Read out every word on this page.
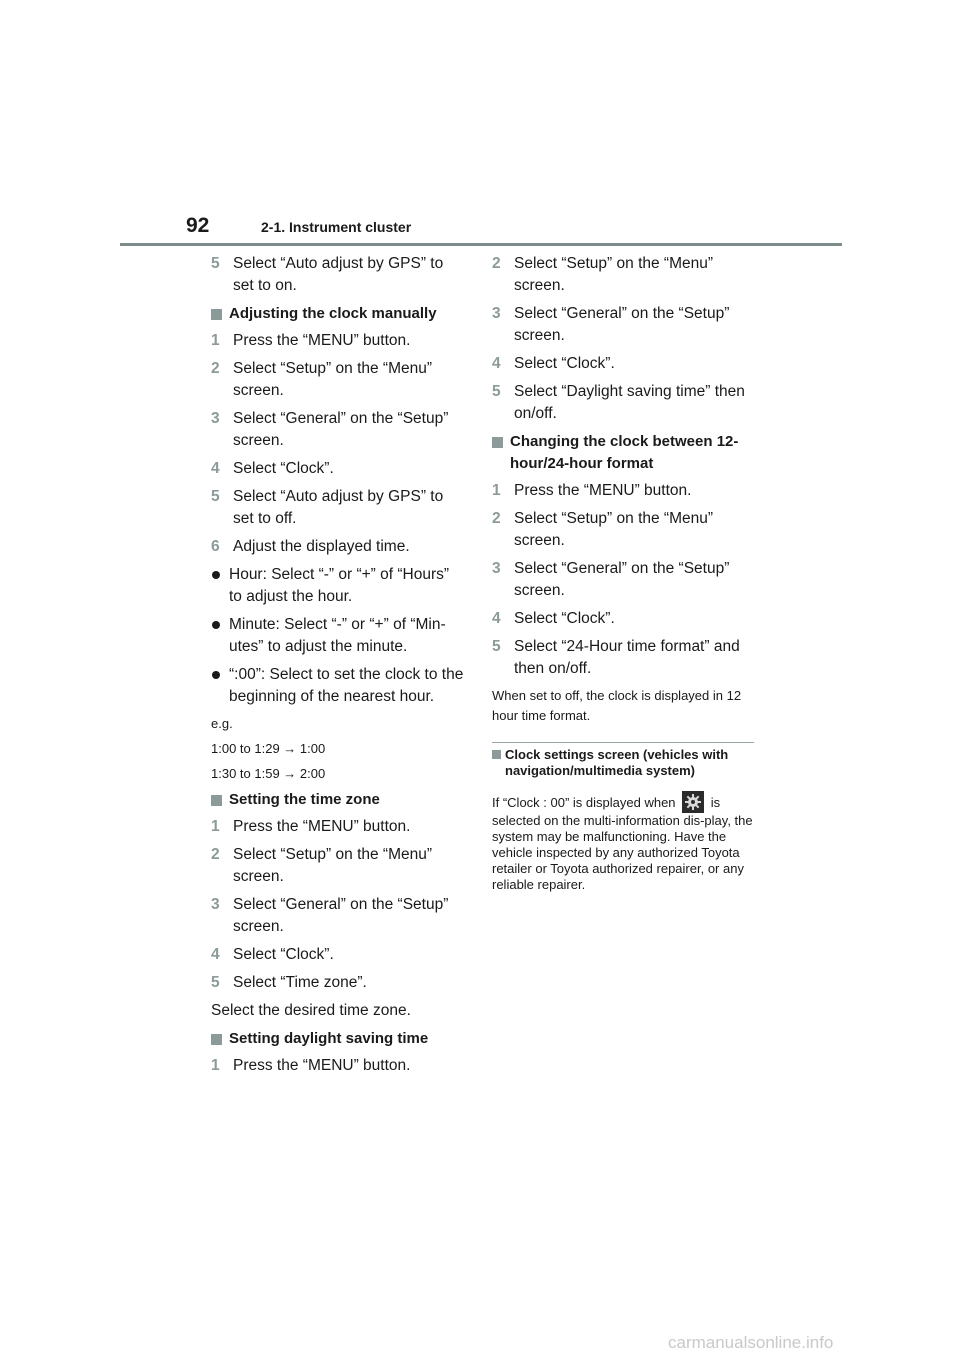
92	2-1. Instrument cluster
5 Select “Auto adjust by GPS” to set to on.
Adjusting the clock manually
1 Press the “MENU” button.
2 Select “Setup” on the “Menu” screen.
3 Select “General” on the “Setup” screen.
4 Select “Clock”.
5 Select “Auto adjust by GPS” to set to off.
6 Adjust the displayed time.
Hour: Select “-” or “+” of “Hours” to adjust the hour.
Minute: Select “-” or “+” of “Min-utes” to adjust the minute.
“:00”: Select to set the clock to the beginning of the nearest hour.
e.g.
1:00 to 1:29 → 1:00
1:30 to 1:59 → 2:00
Setting the time zone
1 Press the “MENU” button.
2 Select “Setup” on the “Menu” screen.
3 Select “General” on the “Setup” screen.
4 Select “Clock”.
5 Select “Time zone”.
Select the desired time zone.
Setting daylight saving time
1 Press the “MENU” button.
2 Select “Setup” on the “Menu” screen.
3 Select “General” on the “Setup” screen.
4 Select “Clock”.
5 Select “Daylight saving time” then on/off.
Changing the clock between 12-hour/24-hour format
1 Press the “MENU” button.
2 Select “Setup” on the “Menu” screen.
3 Select “General” on the “Setup” screen.
4 Select “Clock”.
5 Select “24-Hour time format” and then on/off.
When set to off, the clock is displayed in 12 hour time format.
Clock settings screen (vehicles with navigation/multimedia system)
If “Clock : 00” is displayed when	is selected on the multi-information dis-play, the system may be malfunctioning. Have the vehicle inspected by any authorized Toyota retailer or Toyota authorized repairer, or any reliable repairer.
carmanualsonline.info
